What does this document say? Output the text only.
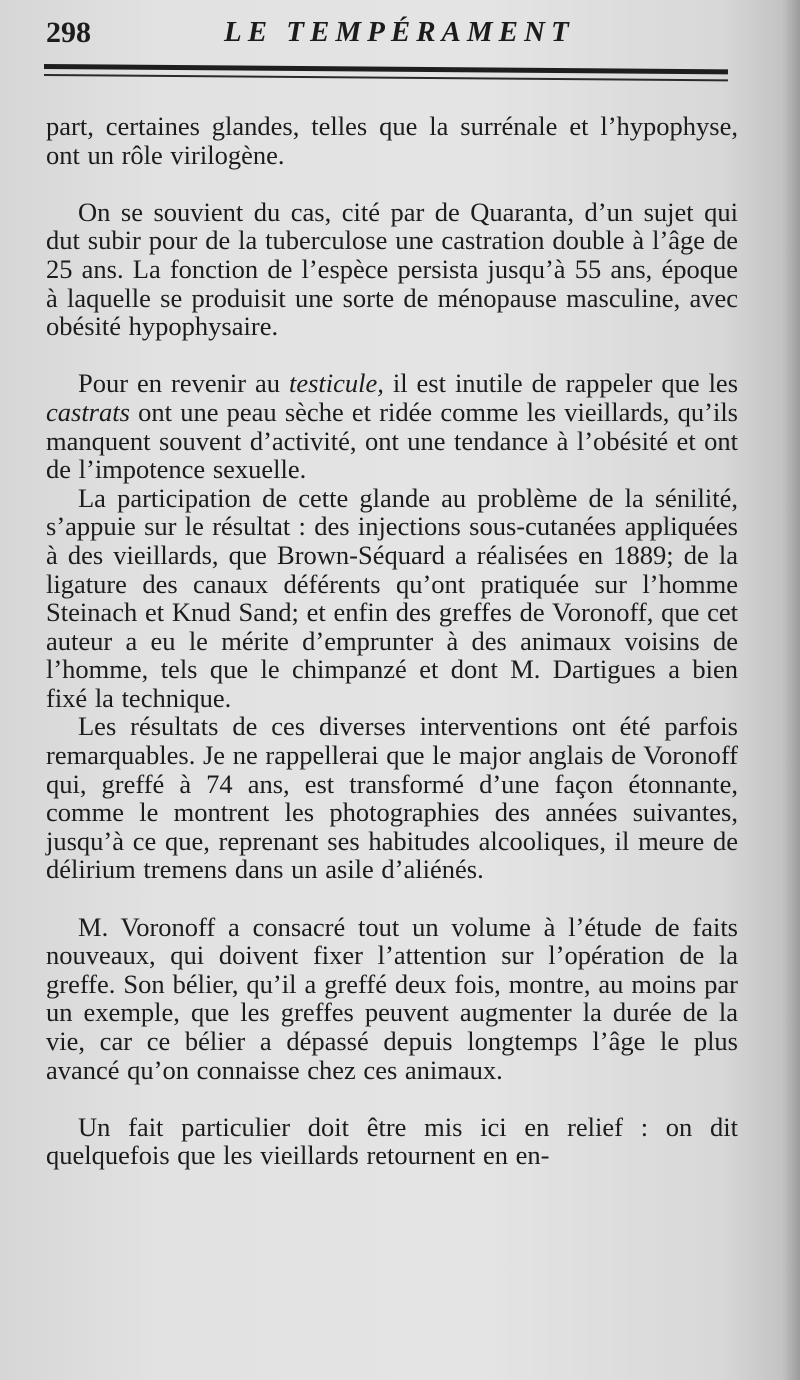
298	LE TEMPÉRAMENT

part, certaines glandes, telles que la surrénale et l’hypophyse, ont un rôle virilogène.

On se souvient du cas, cité par de Quaranta, d’un sujet qui dut subir pour de la tuberculose une castration double à l’âge de 25 ans. La fonction de l’espèce persista jusqu’à 55 ans, époque à laquelle se produisit une sorte de ménopause masculine, avec obésité hypophysaire.

Pour en revenir au testicule, il est inutile de rappeler que les castrats ont une peau sèche et ridée comme les vieillards, qu’ils manquent souvent d’activité, ont une tendance à l’obésité et ont de l’impotence sexuelle.

La participation de cette glande au problème de la sénilité, s’appuie sur le résultat : des injections sous-cutanées appliquées à des vieillards, que Brown-Séquard a réalisées en 1889; de la ligature des canaux déférents qu’ont pratiquée sur l’homme Steinach et Knud Sand; et enfin des greffes de Voronoff, que cet auteur a eu le mérite d’emprunter à des animaux voisins de l’homme, tels que le chimpanzé et dont M. Dartigues a bien fixé la technique.

Les résultats de ces diverses interventions ont été parfois remarquables. Je ne rappellerai que le major anglais de Voronoff qui, greffé à 74 ans, est transformé d’une façon étonnante, comme le montrent les photographies des années suivantes, jusqu’à ce que, reprenant ses habitudes alcooliques, il meure de délirium tremens dans un asile d’aliénés.

M. Voronoff a consacré tout un volume à l’étude de faits nouveaux, qui doivent fixer l’attention sur l’opération de la greffe. Son bélier, qu’il a greffé deux fois, montre, au moins par un exemple, que les greffes peuvent augmenter la durée de la vie, car ce bélier a dépassé depuis longtemps l’âge le plus avancé qu’on connaisse chez ces animaux.

Un fait particulier doit être mis ici en relief : on dit quelquefois que les vieillards retournent en en-
